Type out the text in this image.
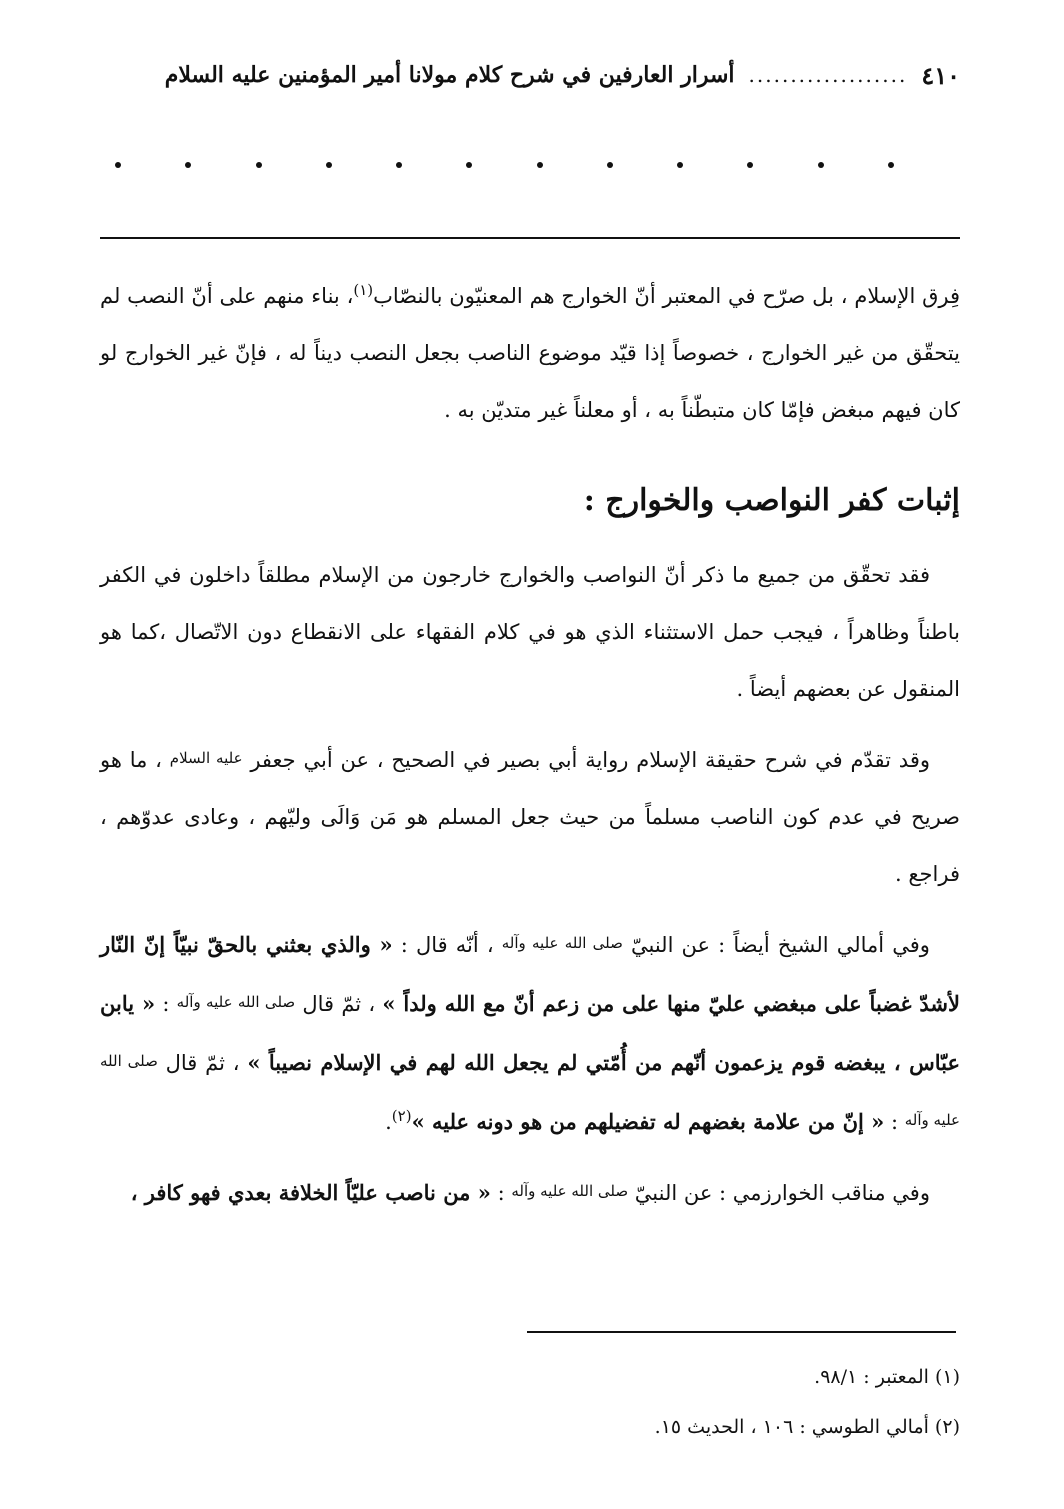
٤١٠
...................
أسرار العارفين في شرح كلام مولانا أمير المؤمنين عليه السلام

فِرق الإسلام ، بل صرّح في المعتبر أنّ الخوارج هم المعنيّون بالنصّاب$^{(١)}$، بناء منهم على أنّ النصب لم يتحقّق من غير الخوارج ، خصوصاً إذا قيّد موضوع الناصب بجعل النصب ديناً له ، فإنّ غير الخوارج لو كان فيهم مبغض فإمّا كان متبطّناً به ، أو معلناً غير متديّن به .

إثبات كفر النواصب والخوارج :

فقد تحقّق من جميع ما ذكر أنّ النواصب والخوارج خارجون من الإسلام مطلقاً داخلون في الكفر باطناً وظاهراً ، فيجب حمل الاستثناء الذي هو في كلام الفقهاء على الانقطاع دون الاتّصال ،كما هو المنقول عن بعضهم أيضاً .

وقد تقدّم في شرح حقيقة الإسلام رواية أبي بصير في الصحيح ، عن أبي جعفر عليه السلام ، ما هو صريح في عدم كون الناصب مسلماً من حيث جعل المسلم هو مَن وَالَى وليّهم ، وعادى عدوّهم ، فراجع .

وفي أمالي الشيخ أيضاً : عن النبيّ صلى الله عليه وآله ، أنّه قال : « والذي بعثني بالحقّ نبيّاً إنّ النّار لأشدّ غضباً على مبغضي عليّ منها على من زعم أنّ مع الله ولداً » ، ثمّ قال صلى الله عليه وآله : « يابن عبّاس ، يبغضه قوم يزعمون أنّهم من أُمّتي لم يجعل الله لهم في الإسلام نصيباً » ، ثمّ قال صلى الله عليه وآله : « إنّ من علامة بغضهم له تفضيلهم من هو دونه عليه »$^{(٢)}$.

وفي مناقب الخوارزمي : عن النبيّ صلى الله عليه وآله : « من ناصب عليّاً الخلافة بعدي فهو كافر ،

(١) المعتبر : ٩٨/١.

(٢) أمالي الطوسي : ١٠٦ ، الحديث ١٥.
